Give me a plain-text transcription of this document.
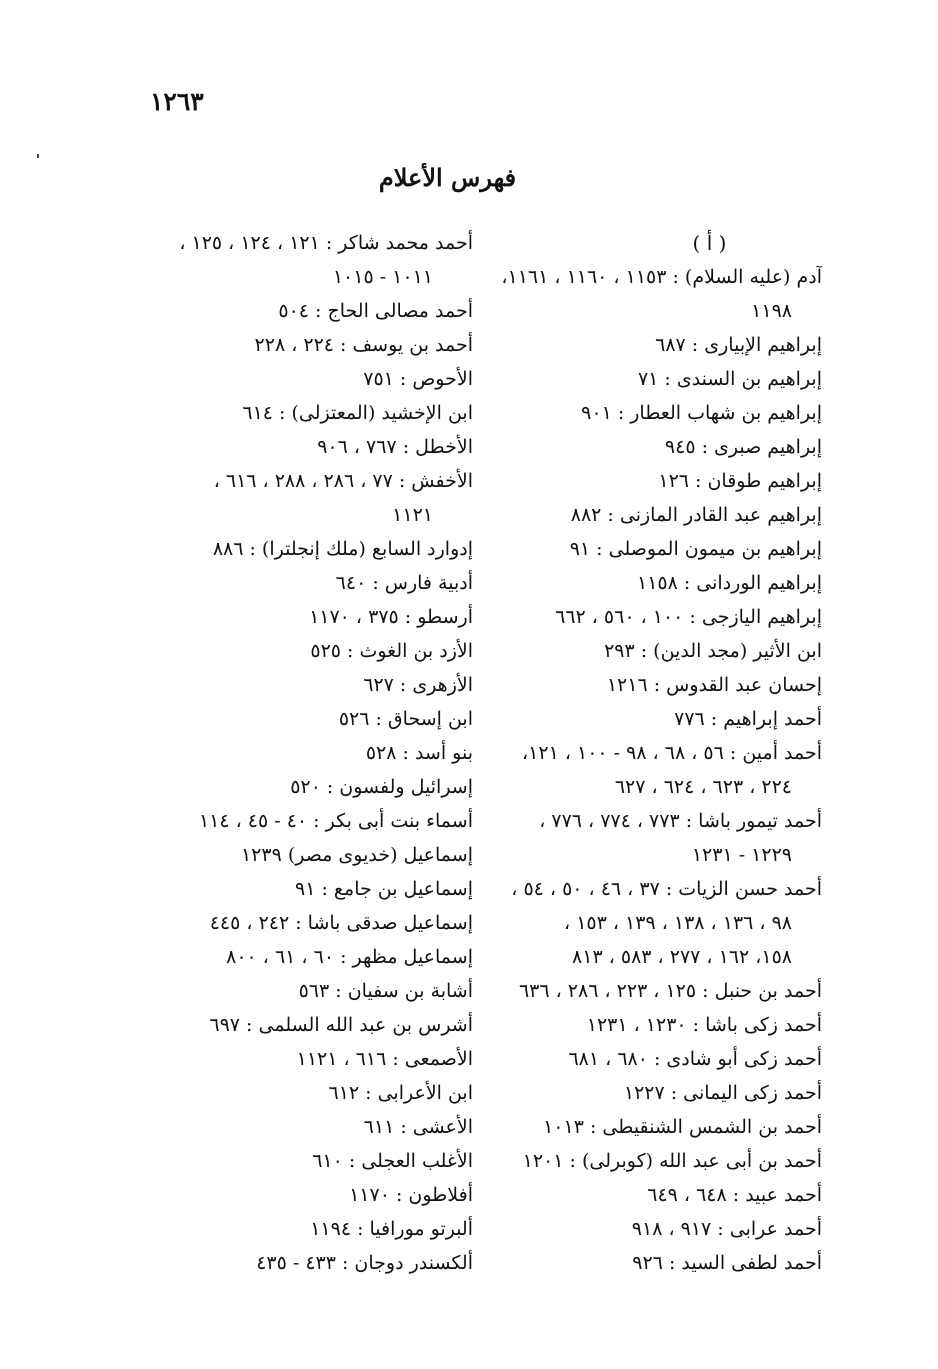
١٢٦٣
فهرس الأعلام
( أ )
آدم (عليه السلام) : ١١٥٣ ، ١١٦٠ ، ١١٦١،
١١٩٨
إبراهيم الإبيارى : ٦٨٧
إبراهيم بن السندى : ٧١
إبراهيم بن شهاب العطار : ٩٠١
إبراهيم صبرى : ٩٤٥
إبراهيم طوقان : ١٢٦
إبراهيم عبد القادر المازنى : ٨٨٢
إبراهيم بن ميمون الموصلى : ٩١
إبراهيم الوردانى : ١١٥٨
إبراهيم اليازجى : ١٠٠ ، ٥٦٠ ، ٦٦٢
ابن الأثير (مجد الدين) : ٢٩٣
إحسان عبد القدوس : ١٢١٦
أحمد إبراهيم : ٧٧٦
أحمد أمين : ٥٦ ، ٦٨ ، ٩٨ - ١٠٠ ، ١٢١،
٢٢٤ ، ٦٢٣ ، ٦٢٤ ، ٦٢٧
أحمد تيمور باشا : ٧٧٣ ، ٧٧٤ ، ٧٧٦ ،
١٢٢٩ - ١٢٣١
أحمد حسن الزيات : ٣٧ ، ٤٦ ، ٥٠ ، ٥٤ ،
٩٨ ، ١٣٦ ، ١٣٨ ، ١٣٩ ، ١٥٣ ،
١٥٨، ١٦٢ ، ٢٧٧ ، ٥٨٣ ، ٨١٣
أحمد بن حنبل : ١٢٥ ، ٢٢٣ ، ٢٨٦ ، ٦٣٦
أحمد زكى باشا : ١٢٣٠ ، ١٢٣١
أحمد زكى أبو شادى : ٦٨٠ ، ٦٨١
أحمد زكى اليمانى : ١٢٢٧
أحمد بن الشمس الشنقيطى : ١٠١٣
أحمد بن أبى عبد الله (كوبرلى) : ١٢٠١
أحمد عبيد : ٦٤٨ ، ٦٤٩
أحمد عرابى : ٩١٧ ، ٩١٨
أحمد لطفى السيد : ٩٢٦
أحمد محمد شاكر : ١٢١ ، ١٢٤ ، ١٢٥ ،
١٠١١ - ١٠١٥
أحمد مصالى الحاج : ٥٠٤
أحمد بن يوسف : ٢٢٤ ، ٢٢٨
الأحوص : ٧٥١
ابن الإخشيد (المعتزلى) : ٦١٤
الأخطل : ٧٦٧ ، ٩٠٦
الأخفش : ٧٧ ، ٢٨٦ ، ٢٨٨ ، ٦١٦ ،
١١٢١
إدوارد السابع (ملك إنجلترا) : ٨٨٦
أدبية فارس : ٦٤٠
أرسطو : ٣٧٥ ، ١١٧٠
الأزد بن الغوث : ٥٢٥
الأزهرى : ٦٢٧
ابن إسحاق : ٥٢٦
بنو أسد : ٥٢٨
إسرائيل ولفسون : ٥٢٠
أسماء بنت أبى بكر : ٤٠ - ٤٥ ، ١١٤
إسماعيل (خديوى مصر) ١٢٣٩
إسماعيل بن جامع : ٩١
إسماعيل صدقى باشا : ٢٤٢ ، ٤٤٥
إسماعيل مظهر : ٦٠ ، ٦١ ، ٨٠٠
أشابة بن سفيان : ٥٦٣
أشرس بن عبد الله السلمى : ٦٩٧
الأصمعى : ٦١٦ ، ١١٢١
ابن الأعرابى : ٦١٢
الأعشى : ٦١١
الأغلب العجلى : ٦١٠
أفلاطون : ١١٧٠
ألبرتو مورافيا : ١١٩٤
ألكسندر دوجان : ٤٣٣ - ٤٣٥
